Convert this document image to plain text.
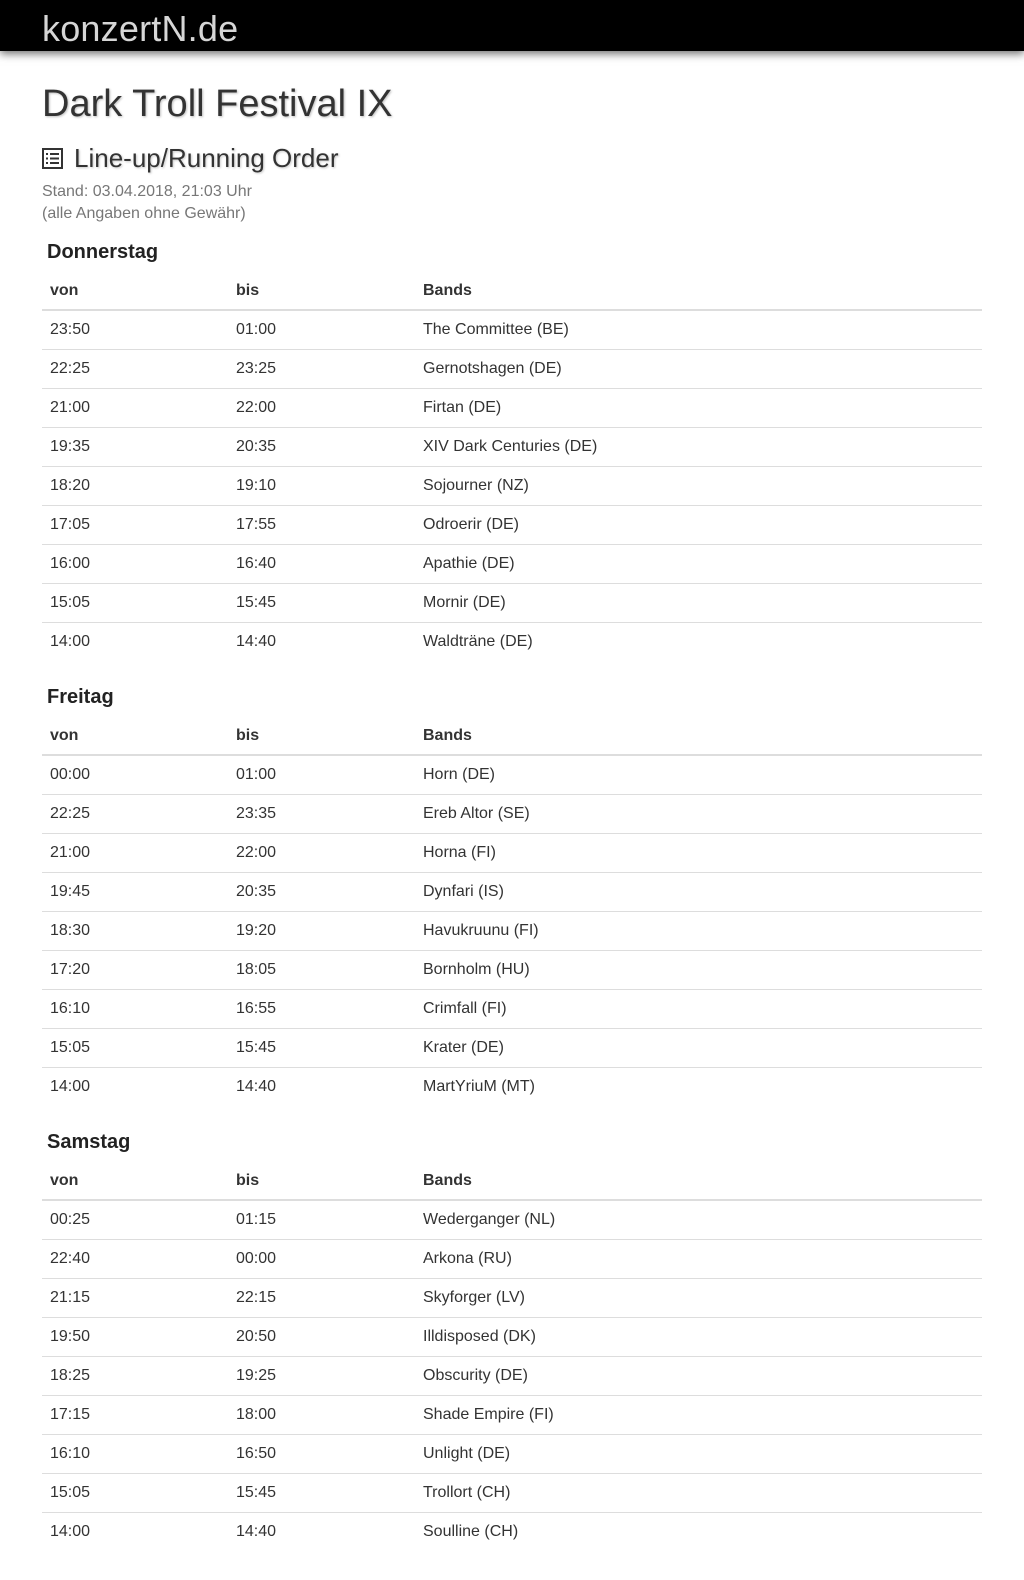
konzertN.de
Dark Troll Festival IX
Line-up/Running Order
Stand: 03.04.2018, 21:03 Uhr
(alle Angaben ohne Gewähr)
Donnerstag
von	bis	Bands
23:50	01:00	The Committee (BE)
22:25	23:25	Gernotshagen (DE)
21:00	22:00	Firtan (DE)
19:35	20:35	XIV Dark Centuries (DE)
18:20	19:10	Sojourner (NZ)
17:05	17:55	Odroerir (DE)
16:00	16:40	Apathie (DE)
15:05	15:45	Mornir (DE)
14:00	14:40	Waldträne (DE)
Freitag
von	bis	Bands
00:00	01:00	Horn (DE)
22:25	23:35	Ereb Altor (SE)
21:00	22:00	Horna (FI)
19:45	20:35	Dynfari (IS)
18:30	19:20	Havukruunu (FI)
17:20	18:05	Bornholm (HU)
16:10	16:55	Crimfall (FI)
15:05	15:45	Krater (DE)
14:00	14:40	MartYriuM (MT)
Samstag
von	bis	Bands
00:25	01:15	Wederganger (NL)
22:40	00:00	Arkona (RU)
21:15	22:15	Skyforger (LV)
19:50	20:50	Illdisposed (DK)
18:25	19:25	Obscurity (DE)
17:15	18:00	Shade Empire (FI)
16:10	16:50	Unlight (DE)
15:05	15:45	Trollort (CH)
14:00	14:40	Soulline (CH)
